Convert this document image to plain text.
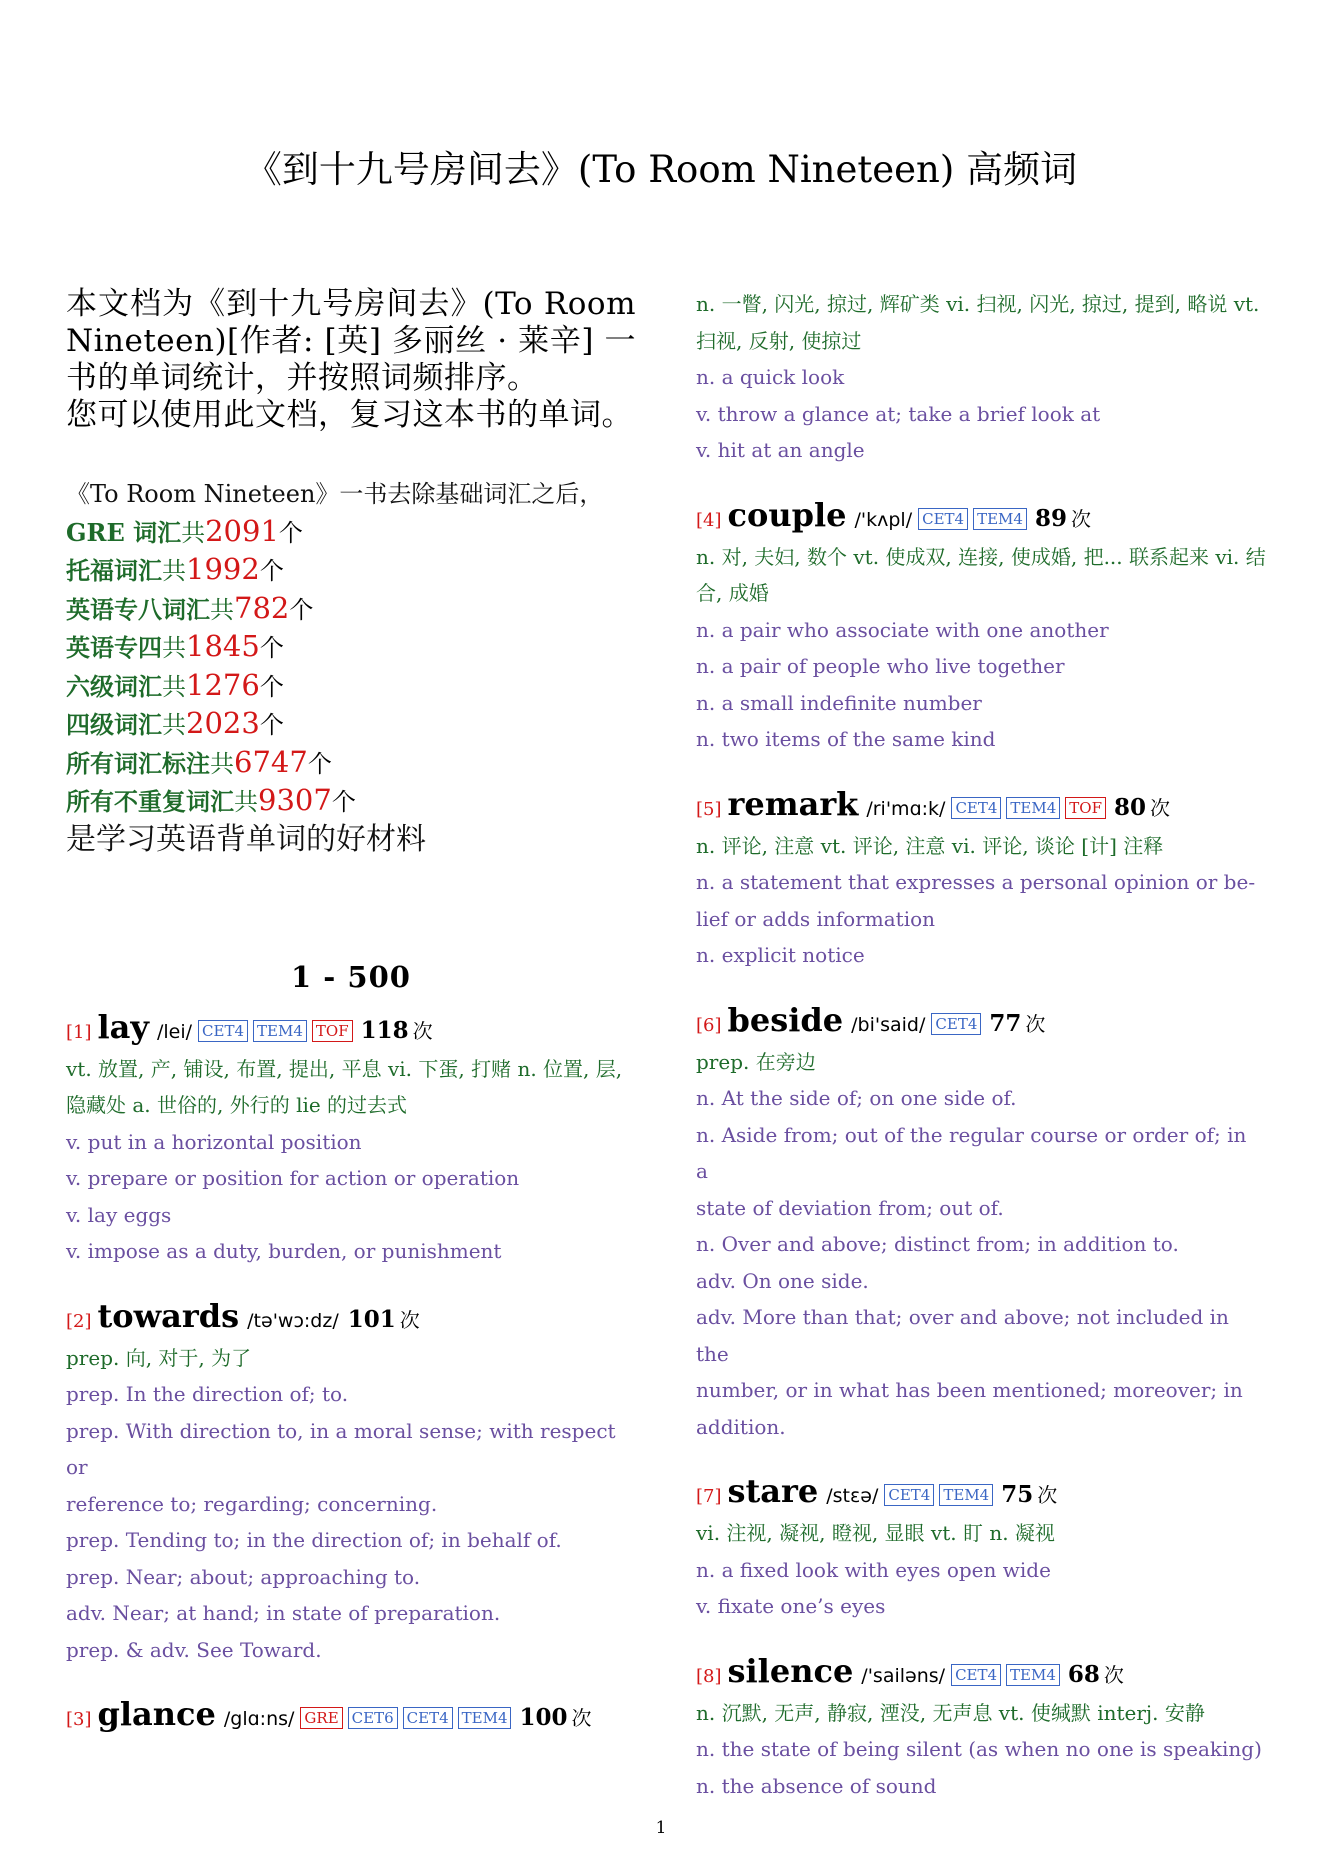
《到十九号房间去》(To Room Nineteen) 高频词

本文档为《到十九号房间去》(To Room Nineteen)[作者: [英] 多丽丝 · 莱辛] 一书的单词统计，并按照词频排序。

您可以使用此文档，复习这本书的单词。

《To Room Nineteen》一书去除基础词汇之后，
GRE 词汇共2091个
托福词汇共1992个
英语专八词汇共782个
英语专四共1845个
六级词汇共1276个
四级词汇共2023个
所有词汇标注共6747个
所有不重复词汇共9307个
是学习英语背单词的好材料
1 - 500
[1] lay /lei/ CET4 TEM4 TOF 118 次
vt. 放置, 产, 铺设, 布置, 提出, 平息 vi. 下蛋, 打赌 n. 位置, 层, 隐藏处 a. 世俗的, 外行的 lie 的过去式
v. put in a horizontal position
v. prepare or position for action or operation
v. lay eggs
v. impose as a duty, burden, or punishment
[2] towards /tə'wɔ:dz/ 101 次
prep. 向, 对于, 为了
prep. In the direction of; to.
prep. With direction to, in a moral sense; with respect or
reference to; regarding; concerning.
prep. Tending to; in the direction of; in behalf of.
prep. Near; about; approaching to.
adv. Near; at hand; in state of preparation.
prep. & adv. See Toward.
[3] glance /glɑ:ns/ GRE CET6 CET4 TEM4 100 次
n. 一瞥, 闪光, 掠过, 辉矿类 vi. 扫视, 闪光, 掠过, 提到, 略说 vt. 扫视, 反射, 使掠过
n. a quick look
v. throw a glance at; take a brief look at
v. hit at an angle
[4] couple /'kʌpl/ CET4 TEM4 89 次
n. 对, 夫妇, 数个 vt. 使成双, 连接, 使成婚, 把... 联系起来 vi. 结合, 成婚
n. a pair who associate with one another
n. a pair of people who live together
n. a small indefinite number
n. two items of the same kind
[5] remark /ri'mɑ:k/ CET4 TEM4 TOF 80 次
n. 评论, 注意 vt. 评论, 注意 vi. 评论, 谈论 [计] 注释
n. a statement that expresses a personal opinion or be-
lief or adds information
n. explicit notice
[6] beside /bi'said/ CET4 77 次
prep. 在旁边
n. At the side of; on one side of.
n. Aside from; out of the regular course or order of; in
a
state of deviation from; out of.
n. Over and above; distinct from; in addition to.
adv. On one side.
adv. More than that; over and above; not included in
the
number, or in what has been mentioned; moreover; in
addition.
[7] stare /stɛə/ CET4 TEM4 75 次
vi. 注视, 凝视, 瞪视, 显眼 vt. 盯 n. 凝视
n. a fixed look with eyes open wide
v. fixate one’s eyes
[8] silence /'sailəns/ CET4 TEM4 68 次
n. 沉默, 无声, 静寂, 湮没, 无声息 vt. 使缄默 interj. 安静
n. the state of being silent (as when no one is speaking)
n. the absence of sound
1
